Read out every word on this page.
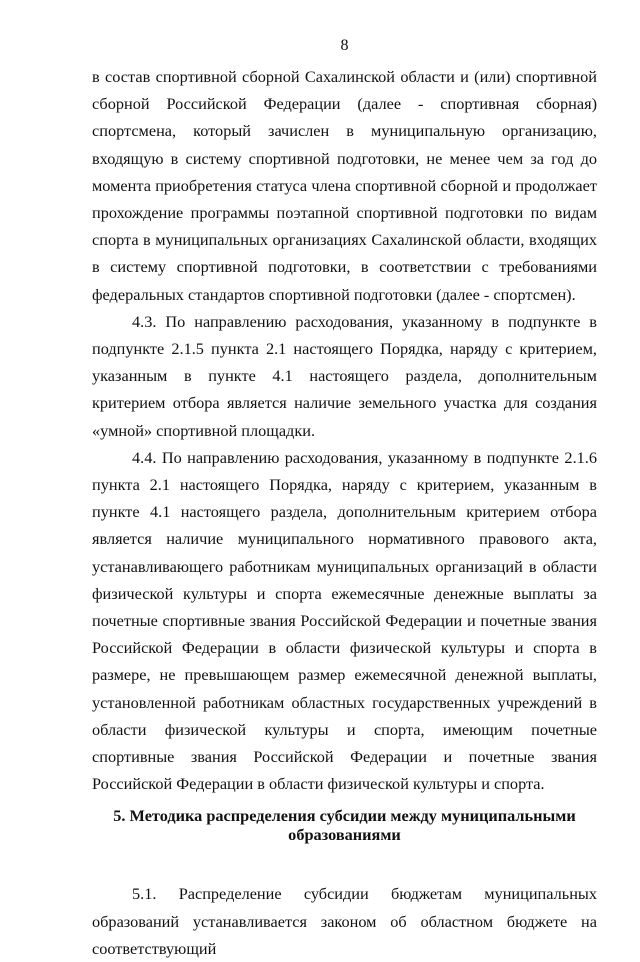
8

в состав спортивной сборной Сахалинской области и (или) спортивной сборной Российской Федерации (далее - спортивная сборная) спортсмена, который зачислен в муниципальную организацию, входящую в систему спортивной подготовки, не менее чем за год до момента приобретения статуса члена спортивной сборной и продолжает прохождение программы поэтапной спортивной подготовки по видам спорта в муниципальных организациях Сахалинской области, входящих в систему спортивной подготовки, в соответствии с требованиями федеральных стандартов спортивной подготовки (далее - спортсмен).

4.3. По направлению расходования, указанному в подпункте в подпункте 2.1.5 пункта 2.1 настоящего Порядка, наряду с критерием, указанным в пункте 4.1 настоящего раздела, дополнительным критерием отбора является наличие земельного участка для создания «умной» спортивной площадки.

4.4. По направлению расходования, указанному в подпункте 2.1.6 пункта 2.1 настоящего Порядка, наряду с критерием, указанным в пункте 4.1 настоящего раздела, дополнительным критерием отбора является наличие муниципального нормативного правового акта, устанавливающего работникам муниципальных организаций в области физической культуры и спорта ежемесячные денежные выплаты за почетные спортивные звания Российской Федерации и почетные звания Российской Федерации в области физической культуры и спорта в размере, не превышающем размер ежемесячной денежной выплаты, установленной работникам областных государственных учреждений в области физической культуры и спорта, имеющим почетные спортивные звания Российской Федерации и почетные звания Российской Федерации в области физической культуры и спорта.

5. Методика распределения субсидии между муниципальными
образованиями

5.1. Распределение субсидии бюджетам муниципальных образований устанавливается законом об областном бюджете на соответствующий
